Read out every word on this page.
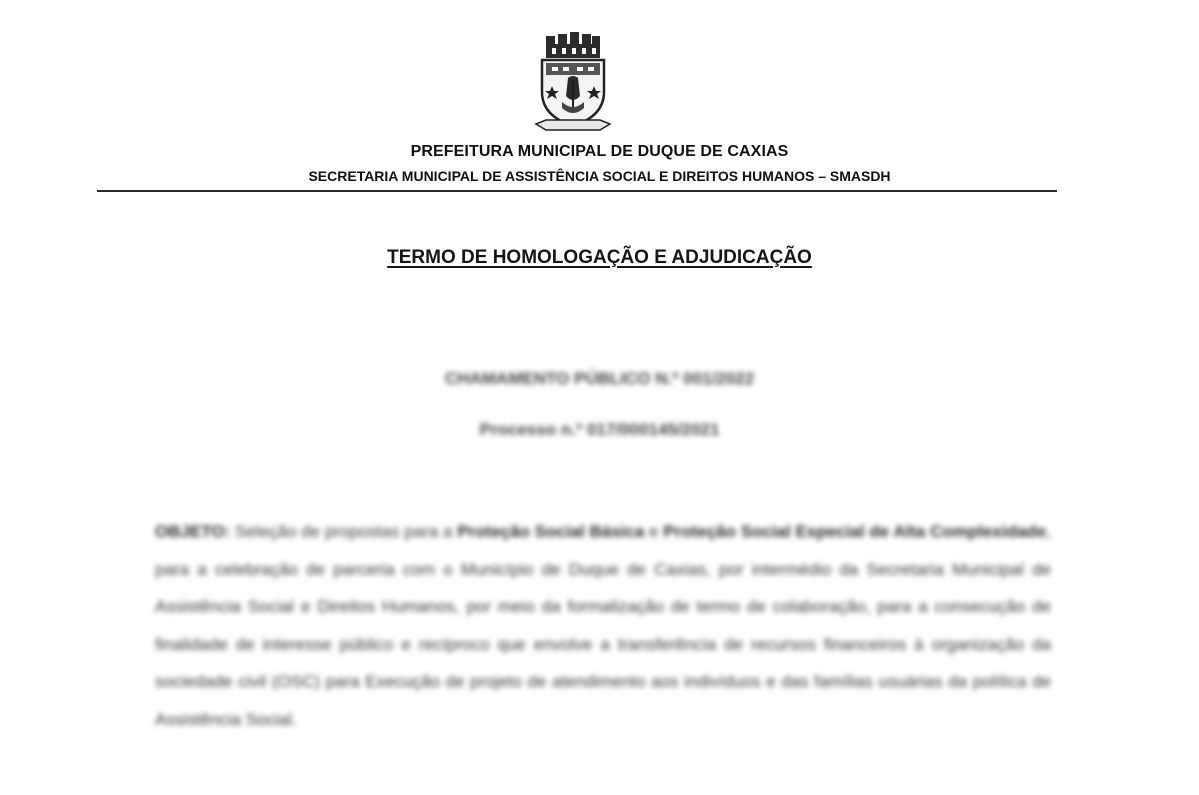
PREFEITURA MUNICIPAL DE DUQUE DE CAXIAS
SECRETARIA MUNICIPAL DE ASSISTÊNCIA SOCIAL E DIREITOS HUMANOS – SMASDH
TERMO DE HOMOLOGAÇÃO E ADJUDICAÇÃO
CHAMAMENTO PÚBLICO N.º 001/2022
Processo n.º 017/000145/2021
OBJETO: Seleção de propostas para a Proteção Social Básica e Proteção Social Especial de Alta Complexidade, para a celebração de parceria com o Município de Duque de Caxias, por intermédio da Secretaria Municipal de Assistência Social e Direitos Humanos, por meio da formalização de termo de colaboração, para a consecução de finalidade de interesse público e recíproco que envolve a transferência de recursos financeiros à organização da sociedade civil (OSC) para Execução de projeto de atendimento aos indivíduos e das famílias usuárias da política de Assistência Social.
